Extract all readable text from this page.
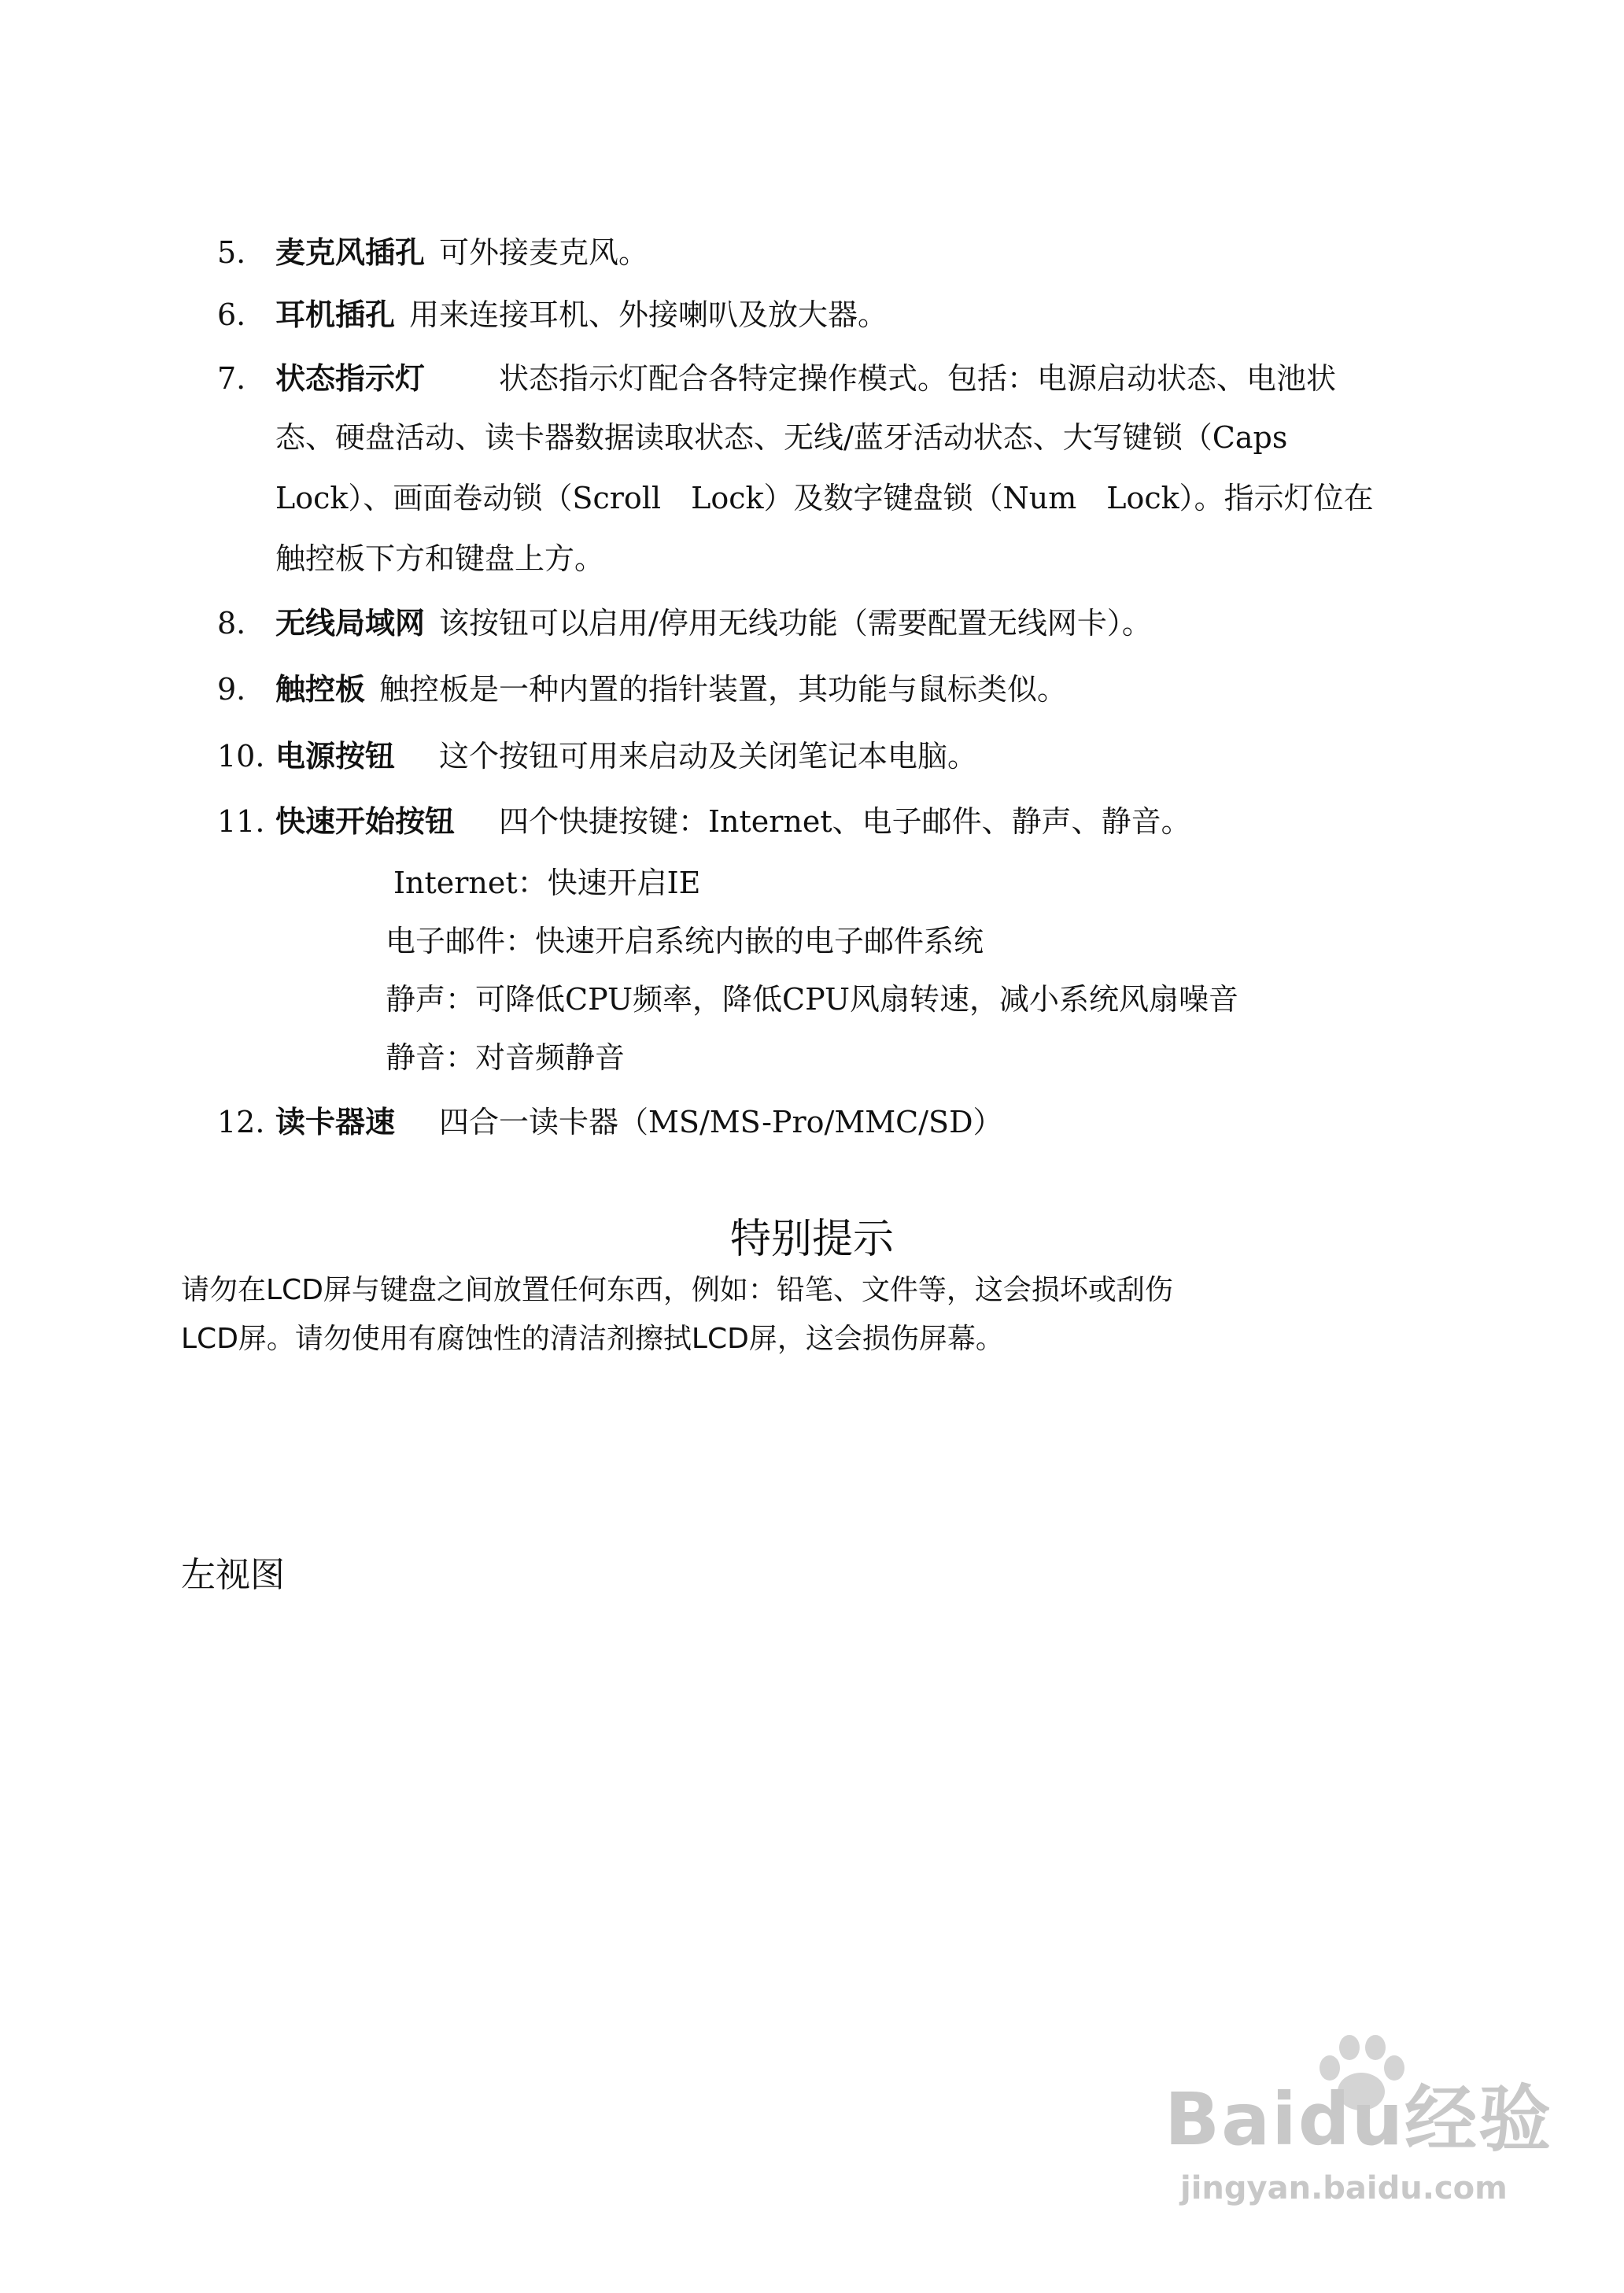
5. 麦克风插孔 可外接麦克风。
6. 耳机插孔 用来连接耳机、外接喇叭及放大器。
7. 状态指示灯　　状态指示灯配合各特定操作模式。包括：电源启动状态、电池状
态、硬盘活动、读卡器数据读取状态、无线/蓝牙活动状态、大写键锁（Caps
Lock）、画面卷动锁（Scroll　Lock）及数字键盘锁（Num　Lock）。指示灯位在
触控板下方和键盘上方。
8. 无线局域网 该按钮可以启用/停用无线功能（需要配置无线网卡）。
9. 触控板 触控板是一种内置的指针装置，其功能与鼠标类似。
10. 电源按钮　这个按钮可用来启动及关闭笔记本电脑。
11. 快速开始按钮　四个快捷按键：Internet、电子邮件、静声、静音。
Internet：快速开启IE
电子邮件：快速开启系统内嵌的电子邮件系统
静声：可降低CPU频率，降低CPU风扇转速，减小系统风扇噪音
静音：对音频静音
12. 读卡器速　四合一读卡器（MS/MS-Pro/MMC/SD）
特别提示
请勿在LCD屏与键盘之间放置任何东西，例如：铅笔、文件等，这会损坏或刮伤
LCD屏。请勿使用有腐蚀性的清洁剂擦拭LCD屏，这会损伤屏幕。
左视图
Baidu经验
jingyan.baidu.com
